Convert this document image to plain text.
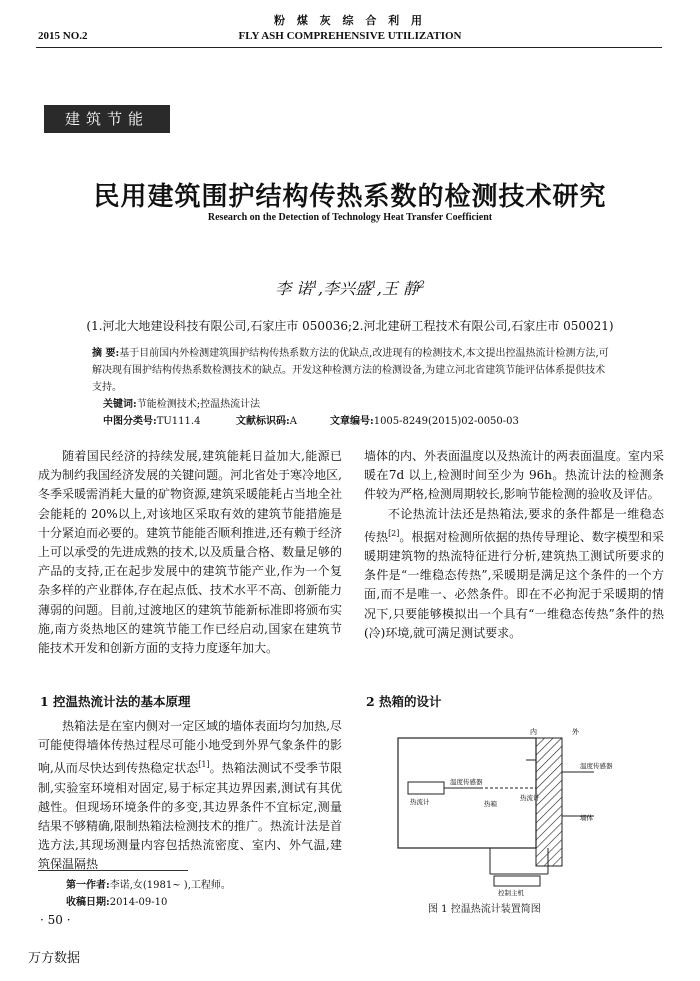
粉 煤 灰 综 合 利 用
2015 NO.2	FLY ASH COMPREHENSIVE UTILIZATION
建筑节能
民用建筑围护结构传热系数的检测技术研究
Research on the Detection of Technology Heat Transfer Coefficient
李 诺$^1$,李兴盛$^1$,王 静$^2$
(1.河北大地建设科技有限公司,石家庄市 050036;2.河北建研工程技术有限公司,石家庄市 050021)
摘 要:基于目前国内外检测建筑围护结构传热系数方法的优缺点,改进现有的检测技术,本文提出控温热流计检测方法,可解决现有围护结构传热系数检测技术的缺点。开发这种检测方法的检测设备,为建立河北省建筑节能评估体系提供技术支持。
关键词:节能检测技术;控温热流计法
中图分类号:TU111.4	文献标识码:A	文章编号:1005-8249(2015)02-0050-03

随着国民经济的持续发展,建筑能耗日益加大,能源已成为制约我国经济发展的关键问题。河北省处于寒冷地区,冬季采暖需消耗大量的矿物资源,建筑采暖能耗占当地全社会能耗的 20%以上,对该地区采取有效的建筑节能措施是十分紧迫而必要的。建筑节能能否顺利推进,还有赖于经济上可以承受的先进成熟的技术,以及质量合格、数量足够的产品的支持,正在起步发展中的建筑节能产业,作为一个复杂多样的产业群体,存在起点低、技术水平不高、创新能力薄弱的问题。目前,过渡地区的建筑节能新标准即将颁布实施,南方炎热地区的建筑节能工作已经启动,国家在建筑节能技术开发和创新方面的支持力度逐年加大。

1 控温热流计法的基本原理

热箱法是在室内侧对一定区域的墙体表面均匀加热,尽可能使得墙体传热过程尽可能小地受到外界气象条件的影响,从而尽快达到传热稳定状态[1]。热箱法测试不受季节限制,实验室环境相对固定,易于标定其边界因素,测试有其优越性。但现场环境条件的多变,其边界条件不宜标定,测量结果不够精确,限制热箱法检测技术的推广。热流计法是首选方法,其现场测量内容包括热流密度、室内、外气温,建筑保温隔热

墙体的内、外表面温度以及热流计的两表面温度。室内采暖在7d 以上,检测时间至少为 96h。热流计法的检测条件较为严格,检测周期较长,影响节能检测的验收及评估。

不论热流计法还是热箱法,要求的条件都是一维稳态传热[2]。根据对检测所依据的热传导理论、数字模型和采暖期建筑物的热流特征进行分析,建筑热工测试所要求的条件是“一维稳态传热”,采暖期是满足这个条件的一个方面,而不是唯一、必然条件。即在不必拘泥于采暖期的情况下,只要能够模拟出一个具有“一维稳态传热”条件的热(冷)环境,就可满足测试要求。

2 热箱的设计
内	外
温度传感器
温度传感器
热流计	热箱
热流计
墙体
控制主机
图 1 控温热流计装置简图
第一作者:李诺,女(1981~ ),工程师。
收稿日期:2014-09-10
· 50 ·
万方数据
